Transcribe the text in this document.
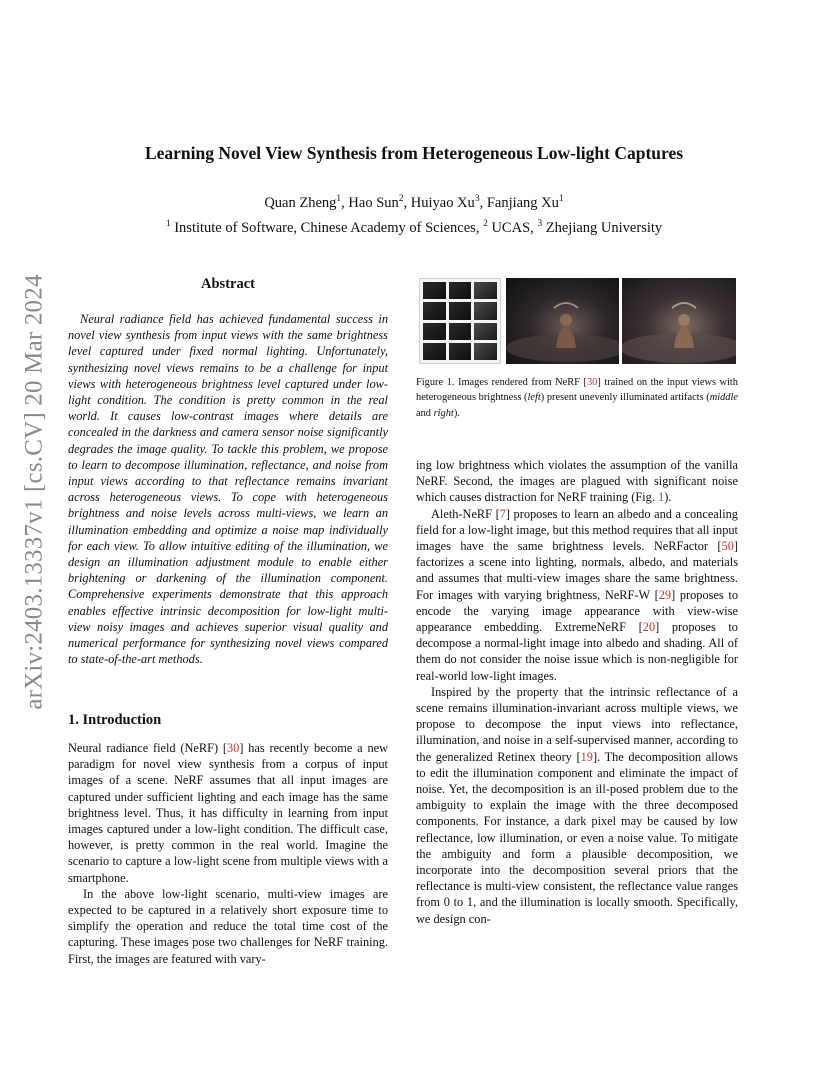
arXiv:2403.13337v1 [cs.CV] 20 Mar 2024
Learning Novel View Synthesis from Heterogeneous Low-light Captures
Quan Zheng$^1$, Hao Sun$^2$, Huiyao Xu$^3$, Fanjiang Xu$^1$
$^1$ Institute of Software, Chinese Academy of Sciences, $^2$ UCAS, $^3$ Zhejiang University
Abstract
Neural radiance field has achieved fundamental success in novel view synthesis from input views with the same brightness level captured under fixed normal lighting. Unfortunately, synthesizing novel views remains to be a challenge for input views with heterogeneous brightness level captured under low-light condition. The condition is pretty common in the real world. It causes low-contrast images where details are concealed in the darkness and camera sensor noise significantly degrades the image quality. To tackle this problem, we propose to learn to decompose illumination, reflectance, and noise from input views according to that reflectance remains invariant across heterogeneous views. To cope with heterogeneous brightness and noise levels across multi-views, we learn an illumination embedding and optimize a noise map individually for each view. To allow intuitive editing of the illumination, we design an illumination adjustment module to enable either brightening or darkening of the illumination component. Comprehensive experiments demonstrate that this approach enables effective intrinsic decomposition for low-light multi-view noisy images and achieves superior visual quality and numerical performance for synthesizing novel views compared to state-of-the-art methods.
1. Introduction

Neural radiance field (NeRF) [30] has recently become a new paradigm for novel view synthesis from a corpus of input images of a scene. NeRF assumes that all input images are captured under sufficient lighting and each image has the same brightness level. Thus, it has difficulty in learning from input images captured under a low-light condition. The difficult case, however, is pretty common in the real world. Imagine the scenario to capture a low-light scene from multiple views with a smartphone.

In the above low-light scenario, multi-view images are expected to be captured in a relatively short exposure time to simplify the operation and reduce the total time cost of the capturing. These images pose two challenges for NeRF training. First, the images are featured with vary-

Figure 1. Images rendered from NeRF [30] trained on the input views with heterogeneous brightness (left) present unevenly illuminated artifacts (middle and right).

ing low brightness which violates the assumption of the vanilla NeRF. Second, the images are plagued with significant noise which causes distraction for NeRF training (Fig. 1).

Aleth-NeRF [7] proposes to learn an albedo and a concealing field for a low-light image, but this method requires that all input images have the same brightness levels. NeRFactor [50] factorizes a scene into lighting, normals, albedo, and materials and assumes that multi-view images share the same brightness. For images with varying brightness, NeRF-W [29] proposes to encode the varying image appearance with view-wise appearance embedding. ExtremeNeRF [20] proposes to decompose a normal-light image into albedo and shading. All of them do not consider the noise issue which is non-negligible for real-world low-light images.

Inspired by the property that the intrinsic reflectance of a scene remains illumination-invariant across multiple views, we propose to decompose the input views into reflectance, illumination, and noise in a self-supervised manner, according to the generalized Retinex theory [19]. The decomposition allows to edit the illumination component and eliminate the impact of noise. Yet, the decomposition is an ill-posed problem due to the ambiguity to explain the image with the three decomposed components. For instance, a dark pixel may be caused by low reflectance, low illumination, or even a noise value. To mitigate the ambiguity and form a plausible decomposition, we incorporate into the decomposition several priors that the reflectance is multi-view consistent, the reflectance value ranges from 0 to 1, and the illumination is locally smooth. Specifically, we design con-
